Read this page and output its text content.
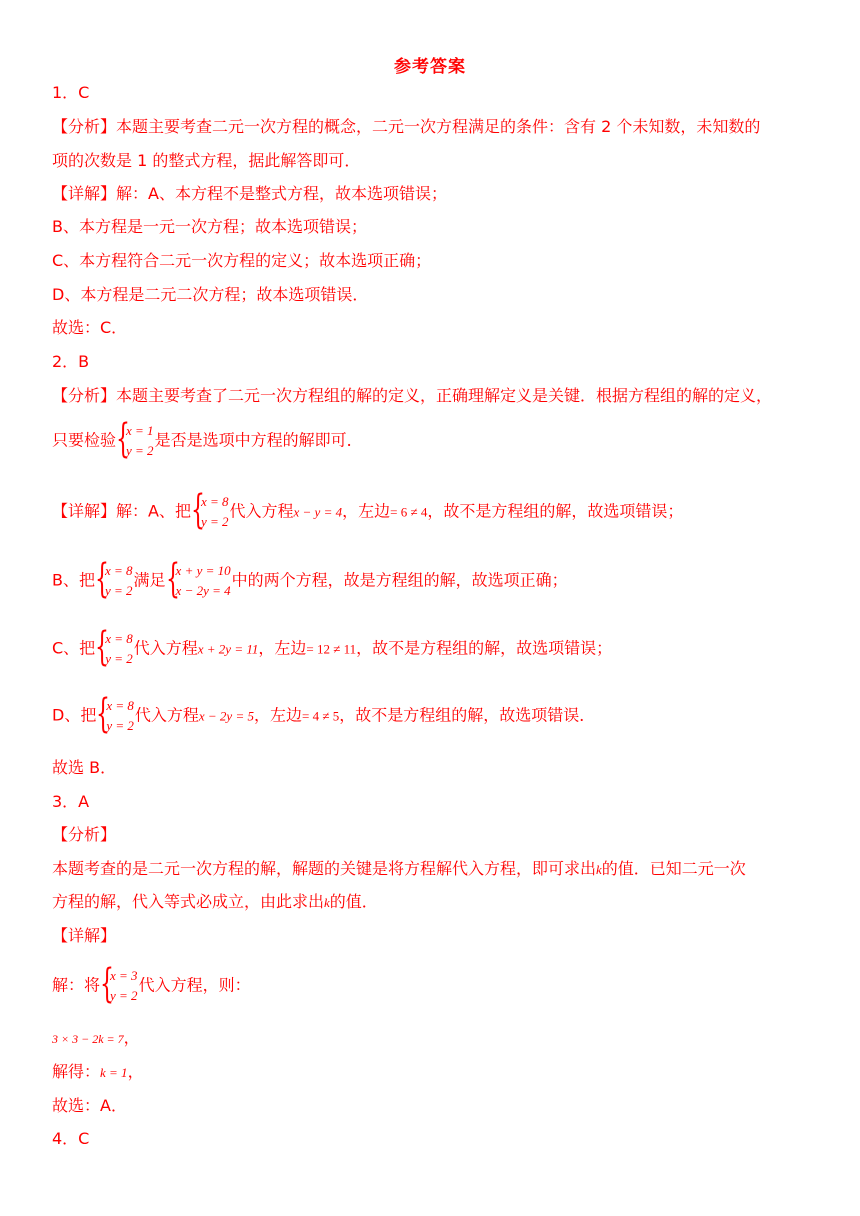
参考答案
1．C
【分析】本题主要考查二元一次方程的概念，二元一次方程满足的条件：含有 2 个未知数，未知数的
项的次数是 1 的整式方程，据此解答即可．
【详解】解：A、本方程不是整式方程，故本选项错误；
B、本方程是一元一次方程；故本选项错误；
C、本方程符合二元一次方程的定义；故本选项正确；
D、本方程是二元二次方程；故本选项错误．
故选：C．
2．B
【分析】本题主要考查了二元一次方程组的解的定义，正确理解定义是关键．根据方程组的解的定义，
只要检验 {
x = 1
y = 2
是否是选项中方程的解即可．
【详解】解：A、把 {
x = 8
y = 2
代入方程x − y = 4，左边= 6 ≠ 4，故不是方程组的解，故选项错误；
B、把 {
x = 8
y = 2
满足 {
x + y = 10
x − 2y = 4
中的两个方程，故是方程组的解，故选项正确；
C、把 {
x = 8
y = 2
代入方程x + 2y = 11，左边= 12 ≠ 11，故不是方程组的解，故选项错误；
D、把 {
x = 8
y = 2
代入方程x − 2y = 5，左边= 4 ≠ 5，故不是方程组的解，故选项错误．
故选 B．
3．A
【分析】
本题考查的是二元一次方程的解，解题的关键是将方程解代入方程，即可求出k的值．已知二元一次
方程的解，代入等式必成立，由此求出k的值．
【详解】
解：将 {
x = 3
y = 2
代入方程，则：
3 × 3 − 2k = 7，
解得：k = 1，
故选：A．
4．C
